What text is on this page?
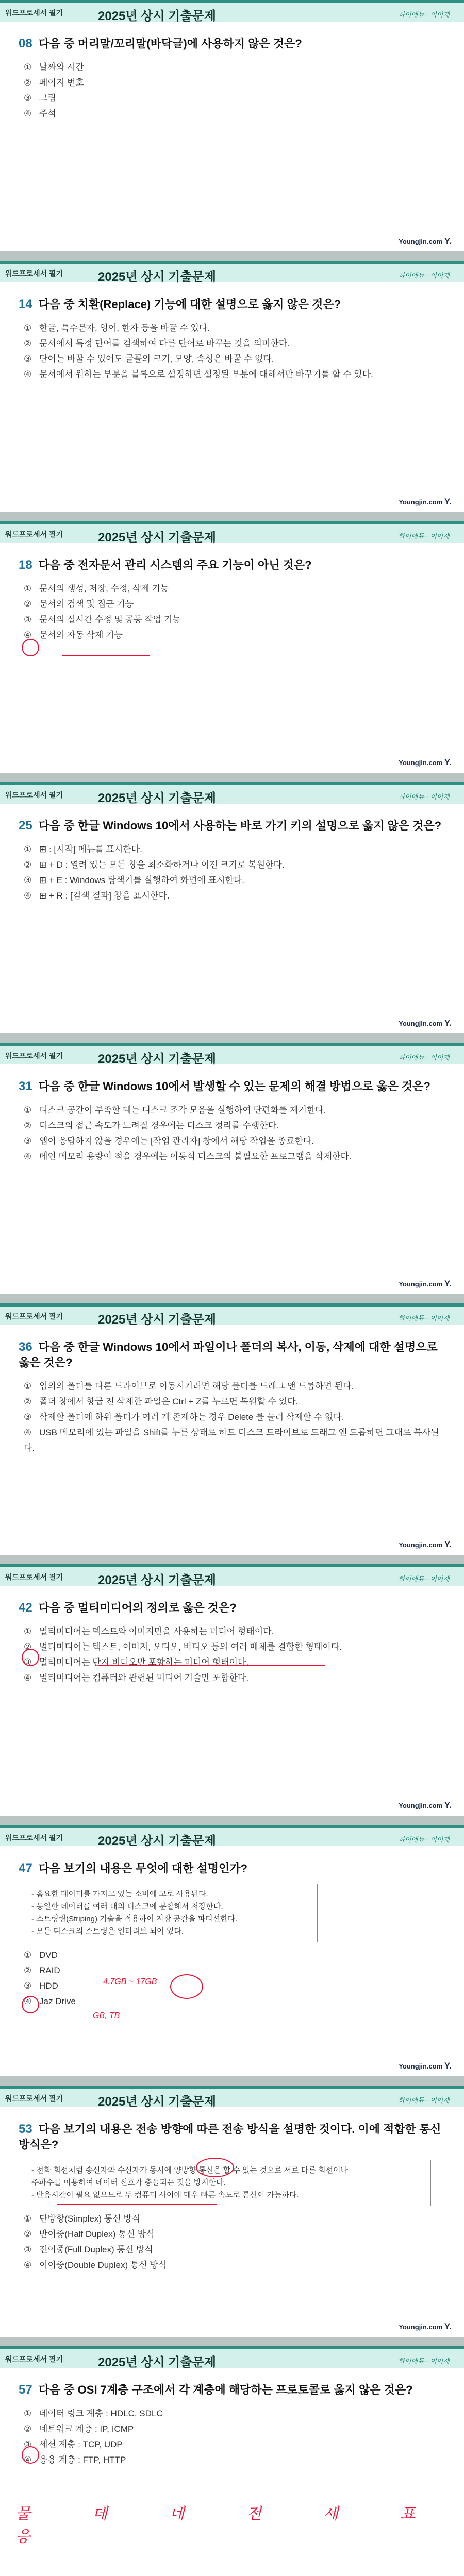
워드프로세서 필기	2025년 상시 기출문제	하이에듀 · 이이재
08 다음 중 머리말/꼬리말(바닥글)에 사용하지 않은 것은?
① 날짜와 시간
② 페이지 번호
③ 그림
④ 주석
Youngjin.com Y.
워드프로세서 필기	2025년 상시 기출문제	하이에듀 · 이이재
14 다음 중 치환(Replace) 기능에 대한 설명으로 옳지 않은 것은?
① 한글, 특수문자, 영어, 한자 등을 바꿀 수 있다.
② 문서에서 특정 단어를 검색하여 다른 단어로 바꾸는 것을 의미한다.
③ 단어는 바꿀 수 있어도 글꼴의 크기, 모양, 속성은 바꿀 수 없다.
④ 문서에서 원하는 부분을 블록으로 설정하면 설정된 부분에 대해서만 바꾸기를 할 수 있다.
Youngjin.com Y.
워드프로세서 필기	2025년 상시 기출문제	하이에듀 · 이이재
18 다음 중 전자문서 관리 시스템의 주요 기능이 아닌 것은?
① 문서의 생성, 저장, 수정, 삭제 기능
② 문서의 검색 및 접근 기능
③ 문서의 실시간 수정 및 공동 작업 기능
④ 문서의 자동 삭제 기능
Youngjin.com Y.
워드프로세서 필기	2025년 상시 기출문제	하이에듀 · 이이재
25 다음 중 한글 Windows 10에서 사용하는 바로 가기 키의 설명으로 옳지 않은 것은?
① ⊞ : [시작] 메뉴를 표시한다.
② ⊞ + D : 열려 있는 모든 창을 최소화하거나 이전 크기로 복원한다.
③ ⊞ + E : Windows 탐색기를 실행하여 화면에 표시한다.
④ ⊞ + R : [검색 결과] 창을 표시한다.
Youngjin.com Y.
워드프로세서 필기	2025년 상시 기출문제	하이에듀 · 이이재
31 다음 중 한글 Windows 10에서 발생할 수 있는 문제의 해결 방법으로 옳은 것은?
① 디스크 공간이 부족할 때는 디스크 조각 모음을 실행하여 단편화를 제거한다.
② 디스크의 접근 속도가 느려질 경우에는 디스크 정리를 수행한다.
③ 앱이 응답하지 않을 경우에는 [작업 관리자] 창에서 해당 작업을 종료한다.
④ 메인 메모리 용량이 적을 경우에는 이동식 디스크의 불필요한 프로그램을 삭제한다.
Youngjin.com Y.
워드프로세서 필기	2025년 상시 기출문제	하이에듀 · 이이재
36 다음 중 한글 Windows 10에서 파일이나 폴더의 복사, 이동, 삭제에 대한 설명으로 옳은 것은?
① 임의의 폴더를 다른 드라이브로 이동시키려면 해당 폴더를 드래그 앤 드롭하면 된다.
② 폴더 창에서 항급 전 삭제한 파일은 Ctrl + Z를 누르면 복원할 수 있다.
③ 삭제할 폴더에 하위 폴더가 여러 개 존재하는 경우 Delete 를 눌러 삭제할 수 없다.
④ USB 메모리에 있는 파일을 Shift를 누른 상태로 하드 디스크 드라이브로 드래그 앤 드롭하면 그대로 복사된다.
Youngjin.com Y.
워드프로세서 필기	2025년 상시 기출문제	하이에듀 · 이이재
42 다음 중 멀티미디어의 정의로 옳은 것은?
① 멀티미디어는 텍스트와 이미지만을 사용하는 미디어 형태이다.
② 멀티미디어는 텍스트, 이미지, 오디오, 비디오 등의 여러 매체를 결합한 형태이다.
③ 멀티미디어는 단지 비디오만 포함하는 미디어 형태이다.
④ 멀티미디어는 컴퓨터와 관련된 미디어 기술만 포함한다.
Youngjin.com Y.
워드프로세서 필기	2025년 상시 기출문제	하이에듀 · 이이재
47 다음 보기의 내용은 무엇에 대한 설명인가?
- 홈요한 데이터를 가지고 있는 소비에 고로 사용된다.
- 동일한 데이터를 여러 대의 디스크에 분할해서 저장한다.
- 스트링링(Striping) 기술을 적용하여 저장 공간을 파티션한다.
- 모든 디스크의 스트링은 인터리브 되어 있다.
① DVD
② RAID
③ HDD
④ Jaz Drive
4.7GB ~ 17GB
GB, TB
Youngjin.com Y.
워드프로세서 필기	2025년 상시 기출문제	하이에듀 · 이이재
53 다음 보기의 내용은 전송 방향에 따른 전송 방식을 설명한 것이다. 이에 적합한 통신 방식은?
- 전화 회선처럼 송신자와 수신자가 동시에 양방향 통신을 할 수 있는 것으로 서로 다른 회선이나
주파수를 이용하여 데이터 신호가 충돌되는 것을 방지한다.
- 반응시간이 필요 없으므로 두 컴퓨터 사이에 매우 빠른 속도로 통신이 가능하다.
① 단방향(Simplex) 통신 방식
② 반이중(Half Duplex) 통신 방식
③ 전이중(Full Duplex) 통신 방식
④ 이이중(Double Duplex) 통신 방식
Youngjin.com Y.
워드프로세서 필기	2025년 상시 기출문제	하이에듀 · 이이재
57 다음 중 OSI 7계층 구조에서 각 계층에 해당하는 프로토콜로 옳지 않은 것은?
① 데이터 링크 계층 : HDLC, SDLC
② 네트워크 계층 : IP, ICMP
③ 세션 계층 : TCP, UDP
④ 응용 계층 : FTP, HTTP
물 데 네 전 세 표 응
